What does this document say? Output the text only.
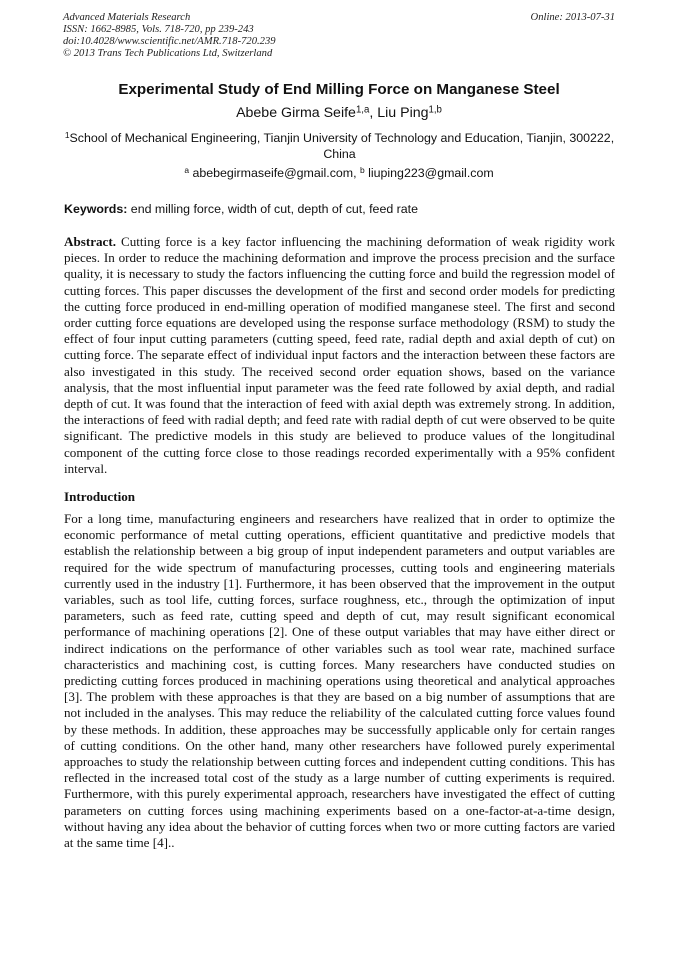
Advanced Materials Research
ISSN: 1662-8985, Vols. 718-720, pp 239-243
doi:10.4028/www.scientific.net/AMR.718-720.239
© 2013 Trans Tech Publications Ltd, Switzerland
Online: 2013-07-31
Experimental Study of End Milling Force on Manganese Steel
Abebe Girma Seife$^{1,a}$, Liu Ping$^{1,b}$
$^1$School of Mechanical Engineering, Tianjin University of Technology and Education, Tianjin, 300222, China
$^a$ abebegirmaseife@gmail.com, $^b$ liuping223@gmail.com
Keywords: end milling force, width of cut, depth of cut, feed rate
Abstract. Cutting force is a key factor influencing the machining deformation of weak rigidity work pieces. In order to reduce the machining deformation and improve the process precision and the surface quality, it is necessary to study the factors influencing the cutting force and build the regression model of cutting forces. This paper discusses the development of the first and second order models for predicting the cutting force produced in end-milling operation of modified manganese steel. The first and second order cutting force equations are developed using the response surface methodology (RSM) to study the effect of four input cutting parameters (cutting speed, feed rate, radial depth and axial depth of cut) on cutting force. The separate effect of individual input factors and the interaction between these factors are also investigated in this study. The received second order equation shows, based on the variance analysis, that the most influential input parameter was the feed rate followed by axial depth, and radial depth of cut. It was found that the interaction of feed with axial depth was extremely strong. In addition, the interactions of feed with radial depth; and feed rate with radial depth of cut were observed to be quite significant. The predictive models in this study are believed to produce values of the longitudinal component of the cutting force close to those readings recorded experimentally with a 95% confident interval.
Introduction
For a long time, manufacturing engineers and researchers have realized that in order to optimize the economic performance of metal cutting operations, efficient quantitative and predictive models that establish the relationship between a big group of input independent parameters and output variables are required for the wide spectrum of manufacturing processes, cutting tools and engineering materials currently used in the industry [1]. Furthermore, it has been observed that the improvement in the output variables, such as tool life, cutting forces, surface roughness, etc., through the optimization of input parameters, such as feed rate, cutting speed and depth of cut, may result significant economical performance of machining operations [2]. One of these output variables that may have either direct or indirect indications on the performance of other variables such as tool wear rate, machined surface characteristics and machining cost, is cutting forces. Many researchers have conducted studies on predicting cutting forces produced in machining operations using theoretical and analytical approaches [3]. The problem with these approaches is that they are based on a big number of assumptions that are not included in the analyses. This may reduce the reliability of the calculated cutting force values found by these methods. In addition, these approaches may be successfully applicable only for certain ranges of cutting conditions. On the other hand, many other researchers have followed purely experimental approaches to study the relationship between cutting forces and independent cutting conditions. This has reflected in the increased total cost of the study as a large number of cutting experiments is required. Furthermore, with this purely experimental approach, researchers have investigated the effect of cutting parameters on cutting forces using machining experiments based on a one-factor-at-a-time design, without having any idea about the behavior of cutting forces when two or more cutting factors are varied at the same time [4]..
